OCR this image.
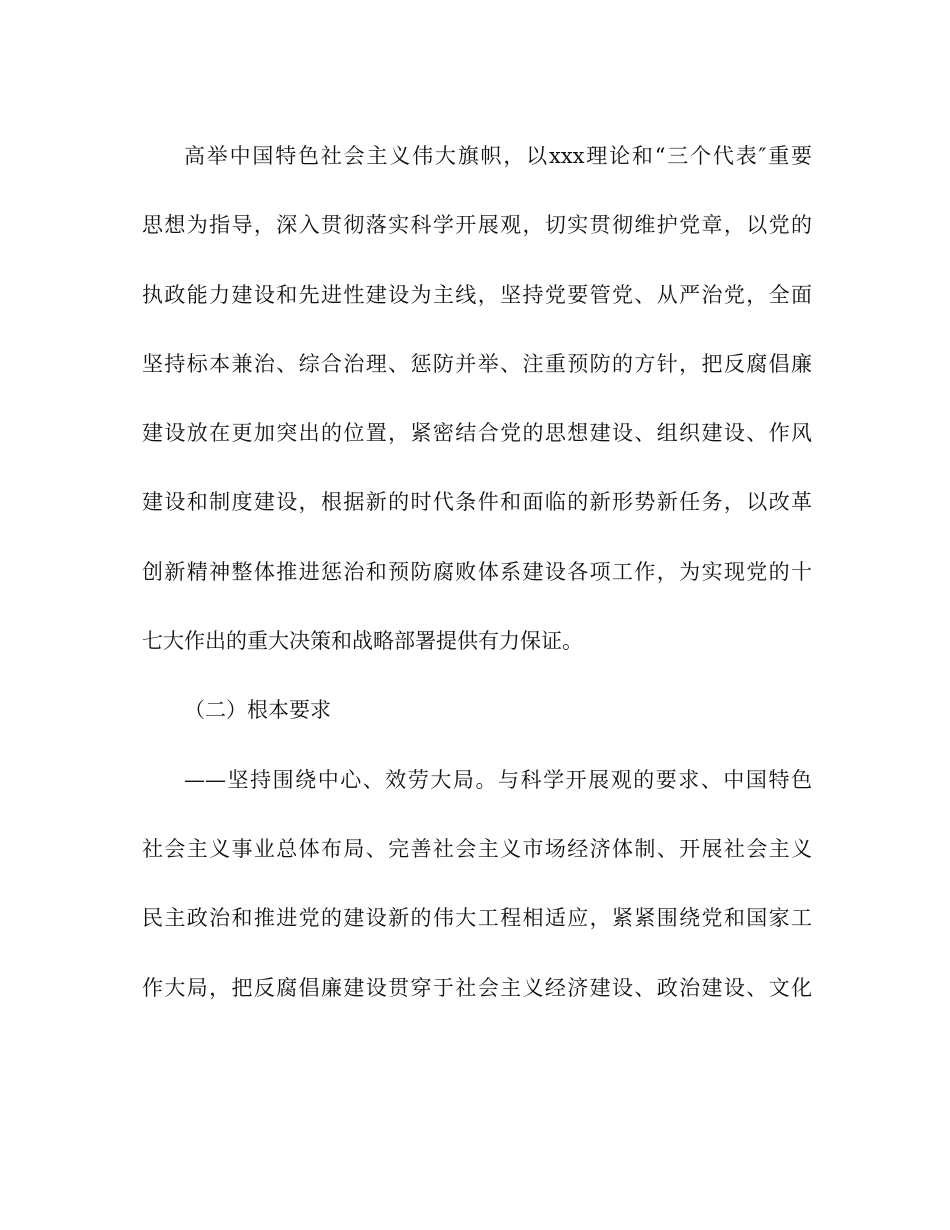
高举中国特色社会主义伟大旗帜，以xxx理论和“三个代表″重要
思想为指导，深入贯彻落实科学开展观，切实贯彻维护党章，以党的
执政能力建设和先进性建设为主线，坚持党要管党、从严治党，全面
坚持标本兼治、综合治理、惩防并举、注重预防的方针，把反腐倡廉
建设放在更加突出的位置，紧密结合党的思想建设、组织建设、作风
建设和制度建设，根据新的时代条件和面临的新形势新任务，以改革
创新精神整体推进惩治和预防腐败体系建设各项工作，为实现党的十
七大作出的重大决策和战略部署提供有力保证。
（二）根本要求
——坚持围绕中心、效劳大局。与科学开展观的要求、中国特色
社会主义事业总体布局、完善社会主义市场经济体制、开展社会主义
民主政治和推进党的建设新的伟大工程相适应，紧紧围绕党和国家工
作大局，把反腐倡廉建设贯穿于社会主义经济建设、政治建设、文化
